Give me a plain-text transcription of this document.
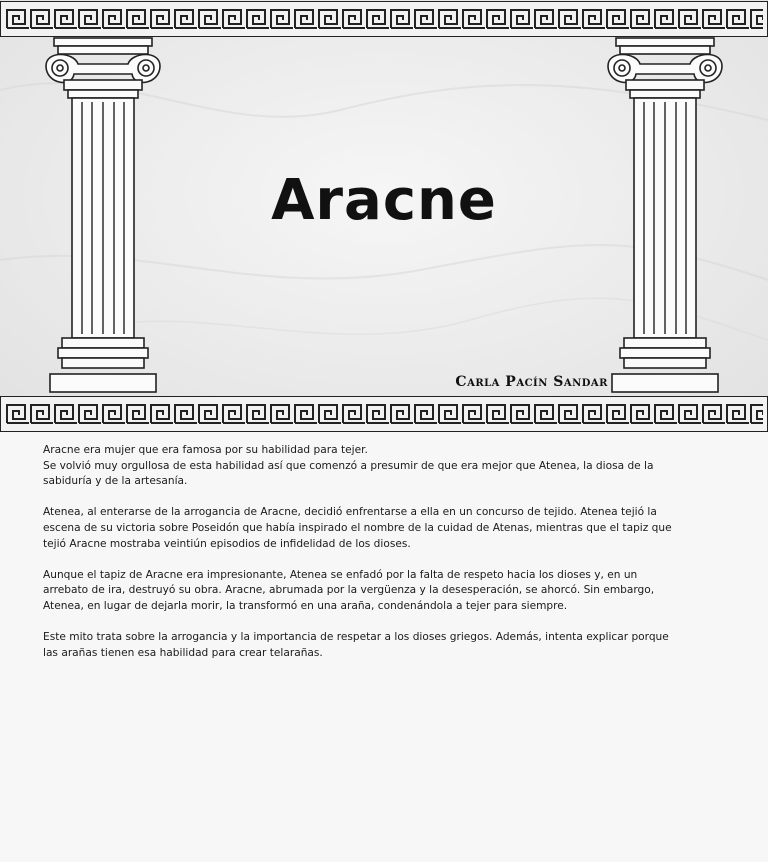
Aracne
Carla Pacín Sandar

Aracne era mujer que era famosa por su habilidad para tejer.
Se volvió muy orgullosa de esta habilidad así que comenzó a presumir de que era mejor que Atenea, la diosa de la sabiduría y de la artesanía.

Atenea, al enterarse de la arrogancia de Aracne, decidió enfrentarse a ella en un concurso de tejido. Atenea tejió la escena de su victoria sobre Poseidón que había inspirado el nombre de la cuidad de Atenas, mientras que el tapiz que tejió Aracne mostraba veintiún episodios de infidelidad de los dioses.

Aunque el tapiz de Aracne era impresionante, Atenea se enfadó por la falta de respeto hacia los dioses y, en un arrebato de ira, destruyó su obra. Aracne, abrumada por la vergüenza y la desesperación, se ahorcó. Sin embargo, Atenea, en lugar de dejarla morir, la transformó en una araña, condenándola a tejer para siempre.

Este mito trata sobre la arrogancia y la importancia de respetar a los dioses griegos. Además, intenta explicar porque las arañas tienen esa habilidad para crear telarañas.
